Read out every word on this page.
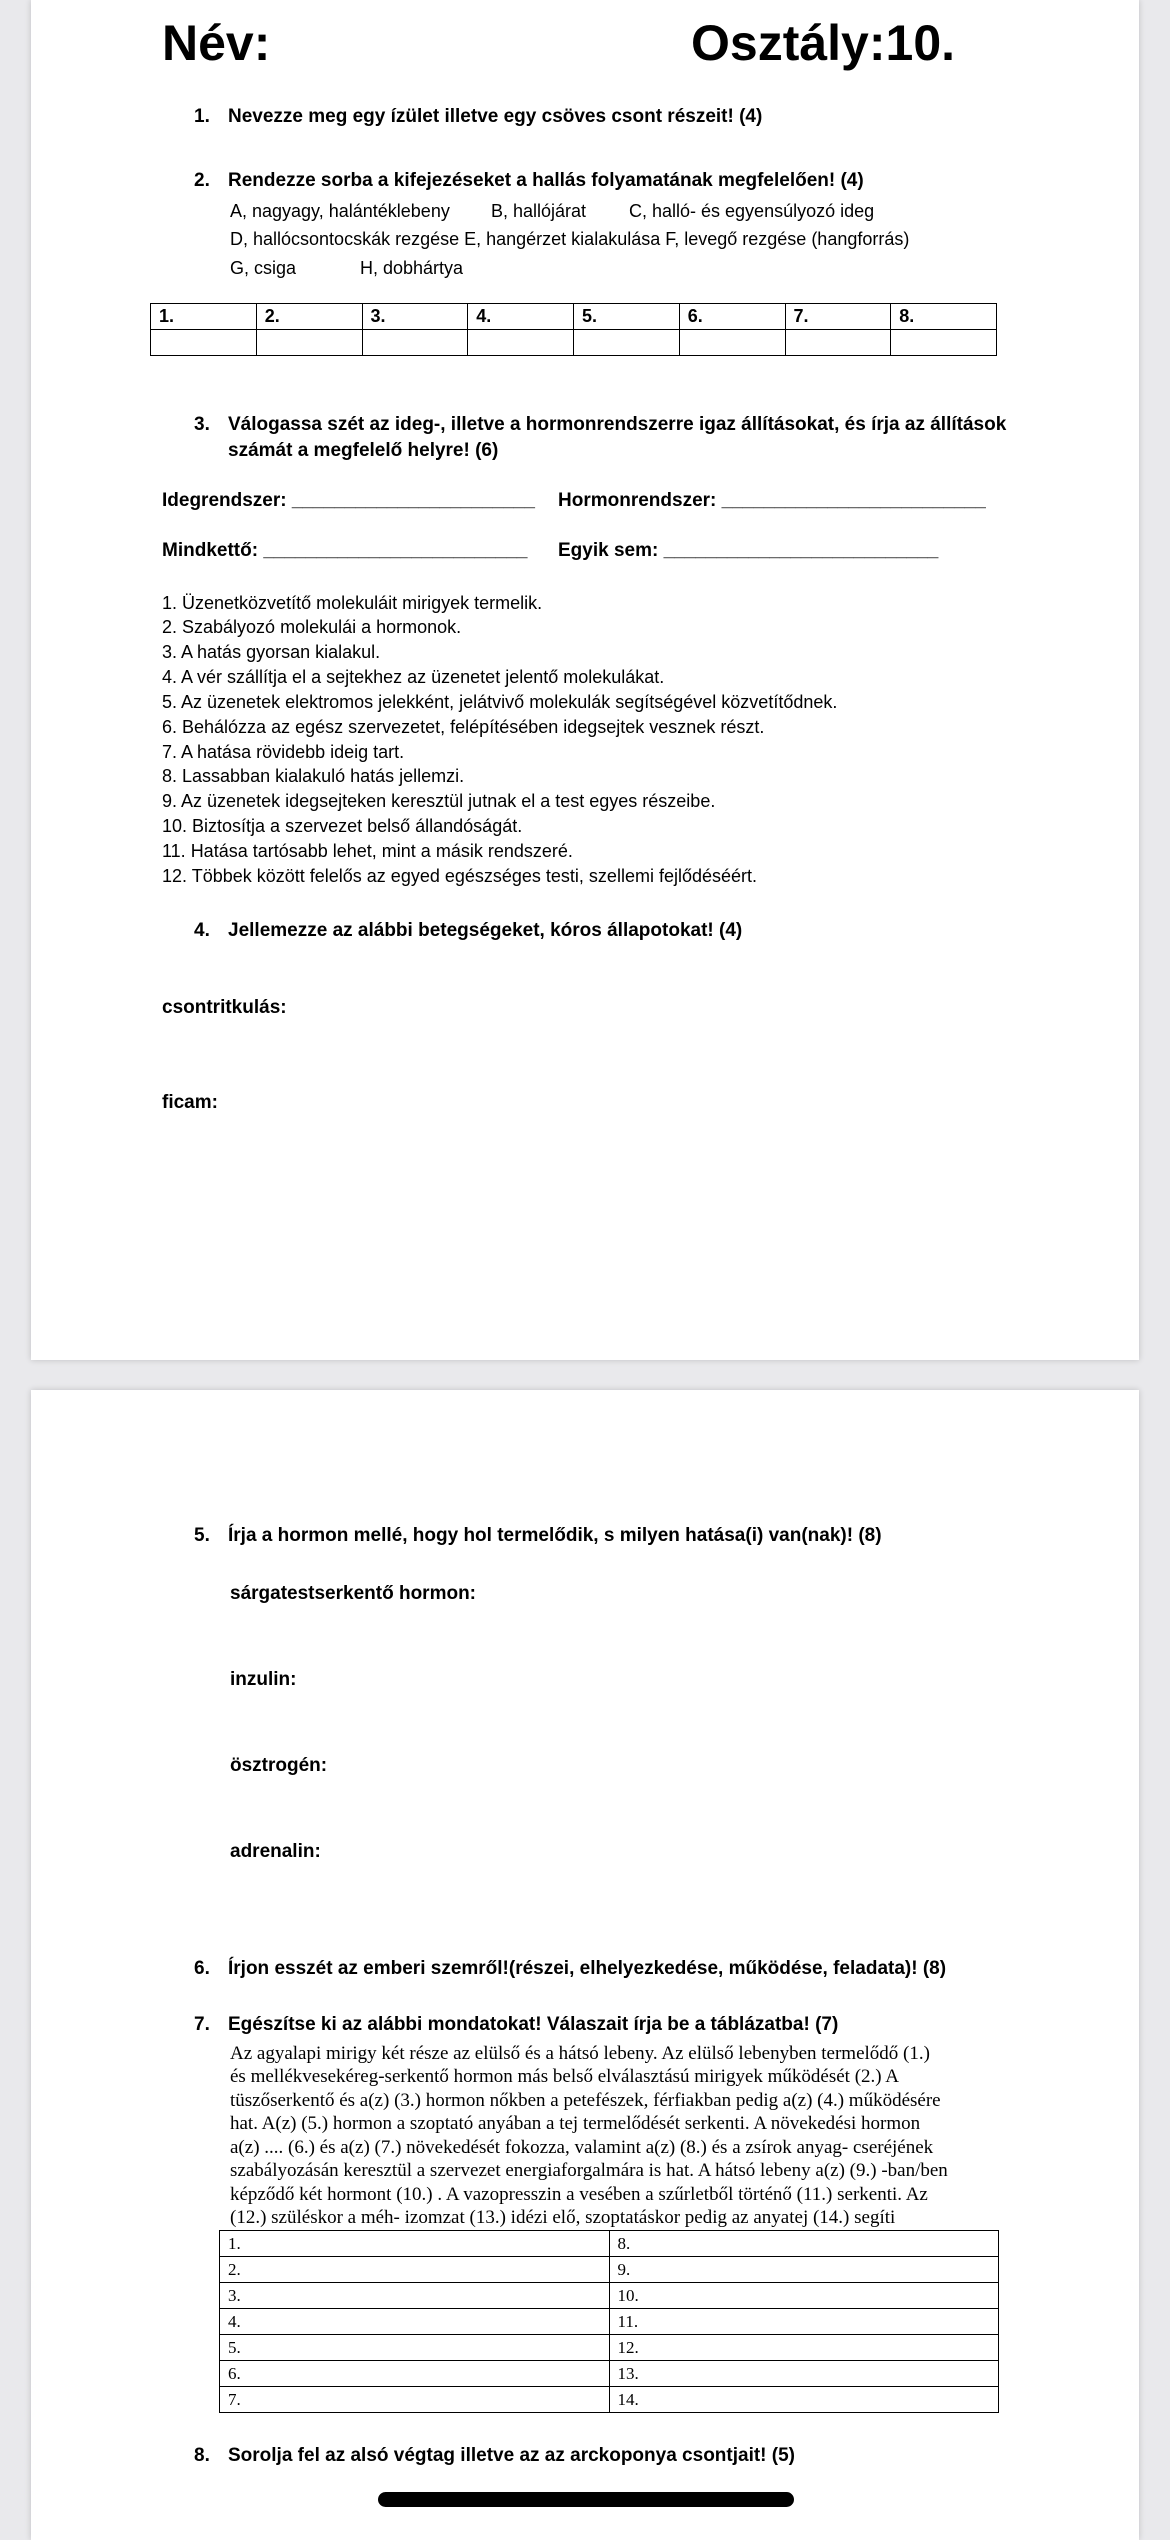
Név:	Osztály:10.
1. Nevezze meg egy ízület illetve egy csöves csont részeit! (4)
2. Rendezze sorba a kifejezéseket a hallás folyamatának megfelelően! (4)
A, nagyagy, halántéklebeny B, hallójárat C, halló- és egyensúlyozó ideg
D, hallócsontocskák rezgése E, hangérzet kialakulása F, levegő rezgése (hangforrás)
G, csiga	H, dobhártya
1.	2.	3.	4.	5.	6.	7.	8.

3. Válogassa szét az ideg-, illetve a hormonrendszerre igaz állításokat, és írja az állítások
számát a megfelelő helyre! (6)
Idegrendszer: _______________________ Hormonrendszer: _________________________
Mindkettő: _________________________ Egyik sem: __________________________
1. Üzenetközvetítő molekuláit mirigyek termelik.
2. Szabályozó molekulái a hormonok.
3. A hatás gyorsan kialakul.
4. A vér szállítja el a sejtekhez az üzenetet jelentő molekulákat.
5. Az üzenetek elektromos jelekként, jelátvivő molekulák segítségével közvetítődnek.
6. Behálózza az egész szervezetet, felépítésében idegsejtek vesznek részt.
7. A hatása rövidebb ideig tart.
8. Lassabban kialakuló hatás jellemzi.
9. Az üzenetek idegsejteken keresztül jutnak el a test egyes részeibe.
10. Biztosítja a szervezet belső állandóságát.
11. Hatása tartósabb lehet, mint a másik rendszeré.
12. Többek között felelős az egyed egészséges testi, szellemi fejlődéséért.
4. Jellemezze az alábbi betegségeket, kóros állapotokat! (4)
csontritkulás:
ficam:
5. Írja a hormon mellé, hogy hol termelődik, s milyen hatása(i) van(nak)! (8)
sárgatestserkentő hormon:
inzulin:
ösztrogén:
adrenalin:
6. Írjon esszét az emberi szemről!(részei, elhelyezkedése, működése, feladata)! (8)
7. Egészítse ki az alábbi mondatokat! Válaszait írja be a táblázatba! (7)
Az agyalapi mirigy két része az elülső és a hátsó lebeny. Az elülső lebenyben termelődő (1.)
és mellékvesekéreg-serkentő hormon más belső elválasztású mirigyek működését (2.) A
tüszőserkentő és a(z) (3.) hormon nőkben a petefészek, férfiakban pedig a(z) (4.) működésére
hat. A(z) (5.) hormon a szoptató anyában a tej termelődését serkenti. A növekedési hormon
a(z) .... (6.) és a(z) (7.) növekedését fokozza, valamint a(z) (8.) és a zsírok anyag- cseréjének
szabályozásán keresztül a szervezet energiaforgalmára is hat. A hátsó lebeny a(z) (9.) -ban/ben
képződő két hormont (10.) . A vazopresszin a vesében a szűrletből történő (11.) serkenti. Az
(12.) szüléskor a méh- izomzat (13.) idézi elő, szoptatáskor pedig az anyatej (14.) segíti
1.	8.
2.	9.
3.	10.
4.	11.
5.	12.
6.	13.
7.	14.
8. Sorolja fel az alsó végtag illetve az az arckoponya csontjait! (5)
